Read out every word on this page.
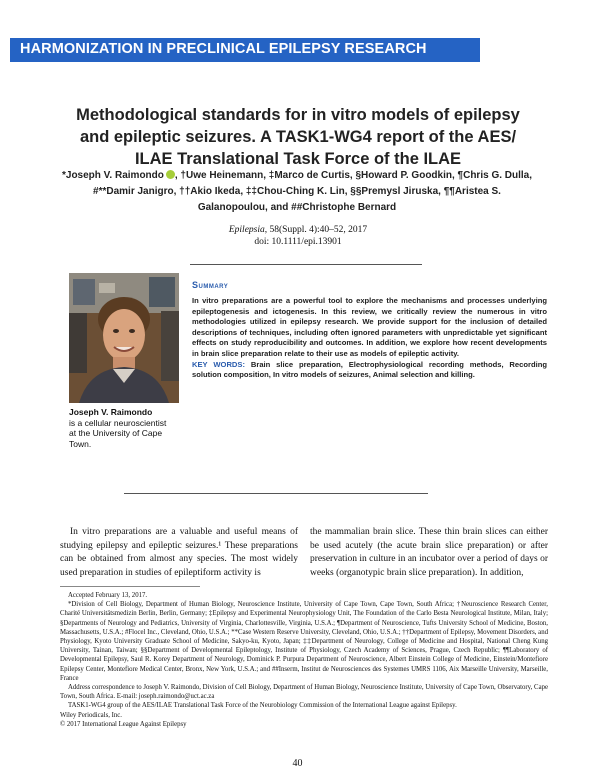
HARMONIZATION IN PRECLINICAL EPILEPSY RESEARCH
Methodological standards for in vitro models of epilepsy and epileptic seizures. A TASK1-WG4 report of the AES/ ILAE Translational Task Force of the ILAE
*Joseph V. Raimondo , †Uwe Heinemann, ‡Marco de Curtis, §Howard P. Goodkin, ¶Chris G. Dulla, #**Damir Janigro, ††Akio Ikeda, ‡‡Chou-Ching K. Lin, §§Premysl Jiruska, ¶¶Aristea S. Galanopoulou, and ##Christophe Bernard
Epilepsia, 58(Suppl. 4):40–52, 2017
doi: 10.1111/epi.13901
Joseph V. Raimondo
is a cellular neuroscientist at the University of Cape Town.
Summary
In vitro preparations are a powerful tool to explore the mechanisms and processes underlying epileptogenesis and ictogenesis. In this review, we critically review the numerous in vitro methodologies utilized in epilepsy research. We provide support for the inclusion of detailed descriptions of techniques, including often ignored parameters with unpredictable yet significant effects on study reproducibility and outcomes. In addition, we explore how recent developments in brain slice preparation relate to their use as models of epileptic activity.
KEY WORDS: Brain slice preparation, Electrophysiological recording methods, Recording solution composition, In vitro models of seizures, Animal selection and killing.
In vitro preparations are a valuable and useful means of studying epilepsy and epileptic seizures.¹ These preparations can be obtained from almost any species. The most widely used preparation in studies of epileptiform activity is
the mammalian brain slice. These thin brain slices can either be used acutely (the acute brain slice preparation) or after preservation in culture in an incubator over a period of days or weeks (organotypic brain slice preparation). In addition,

Accepted February 13, 2017.

*Division of Cell Biology, Department of Human Biology, Neuroscience Institute, University of Cape Town, Cape Town, South Africa; †Neuroscience Research Center, Charité Universitätsmedizin Berlin, Berlin, Germany; ‡Epilepsy and Experimental Neurophysiology Unit, The Foundation of the Carlo Besta Neurological Institute, Milan, Italy; §Departments of Neurology and Pediatrics, University of Virginia, Charlottesville, Virginia, U.S.A.; ¶Department of Neuroscience, Tufts University School of Medicine, Boston, Massachusetts, U.S.A.; #Flocel Inc., Cleveland, Ohio, U.S.A.; **Case Western Reserve University, Cleveland, Ohio, U.S.A.; ††Department of Epilepsy, Movement Disorders, and Physiology, Kyoto University Graduate School of Medicine, Sakyo-ku, Kyoto, Japan; ‡‡Department of Neurology, College of Medicine and Hospital, National Cheng Kung University, Tainan, Taiwan; §§Department of Developmental Epileptology, Institute of Physiology, Czech Academy of Sciences, Prague, Czech Republic; ¶¶Laboratory of Developmental Epilepsy, Saul R. Korey Department of Neurology, Dominick P. Purpura Department of Neuroscience, Albert Einstein College of Medicine, Einstein/Montefiore Epilepsy Center, Montefiore Medical Center, Bronx, New York, U.S.A.; and ##Inserm, Institut de Neurosciences des Systemes UMRS 1106, Aix Marseille University, Marseille, France

Address correspondence to Joseph V. Raimondo, Division of Cell Biology, Department of Human Biology, Neuroscience Institute, University of Cape Town, Observatory, Cape Town, South Africa. E-mail: joseph.raimondo@uct.ac.za

TASK1-WG4 group of the AES/ILAE Translational Task Force of the Neurobiology Commission of the International League against Epilepsy.

Wiley Periodicals, Inc.

© 2017 International League Against Epilepsy

40
